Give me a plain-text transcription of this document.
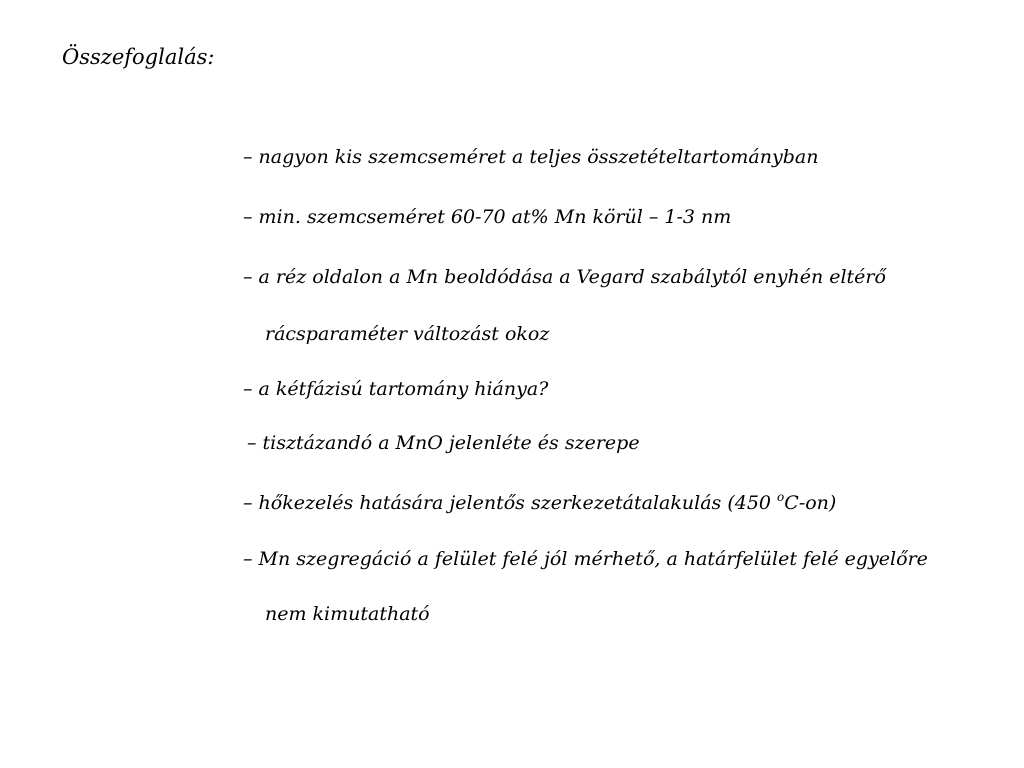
Összefoglalás:
– nagyon kis szemcseméret a teljes összetételtartományban
– min. szemcseméret 60-70 at% Mn körül – 1-3 nm
– a réz oldalon a Mn beoldódása a Vegard szabálytól enyhén eltérő
rácsparaméter változást okoz
– a kétfázisú tartomány hiánya?
– tisztázandó a MnO jelenléte és szerepe
– hőkezelés hatására jelentős szerkezetátalakulás (450 $^o$C-on)
– Mn szegregáció a felület felé jól mérhető, a határfelület felé egyelőre
nem kimutatható
